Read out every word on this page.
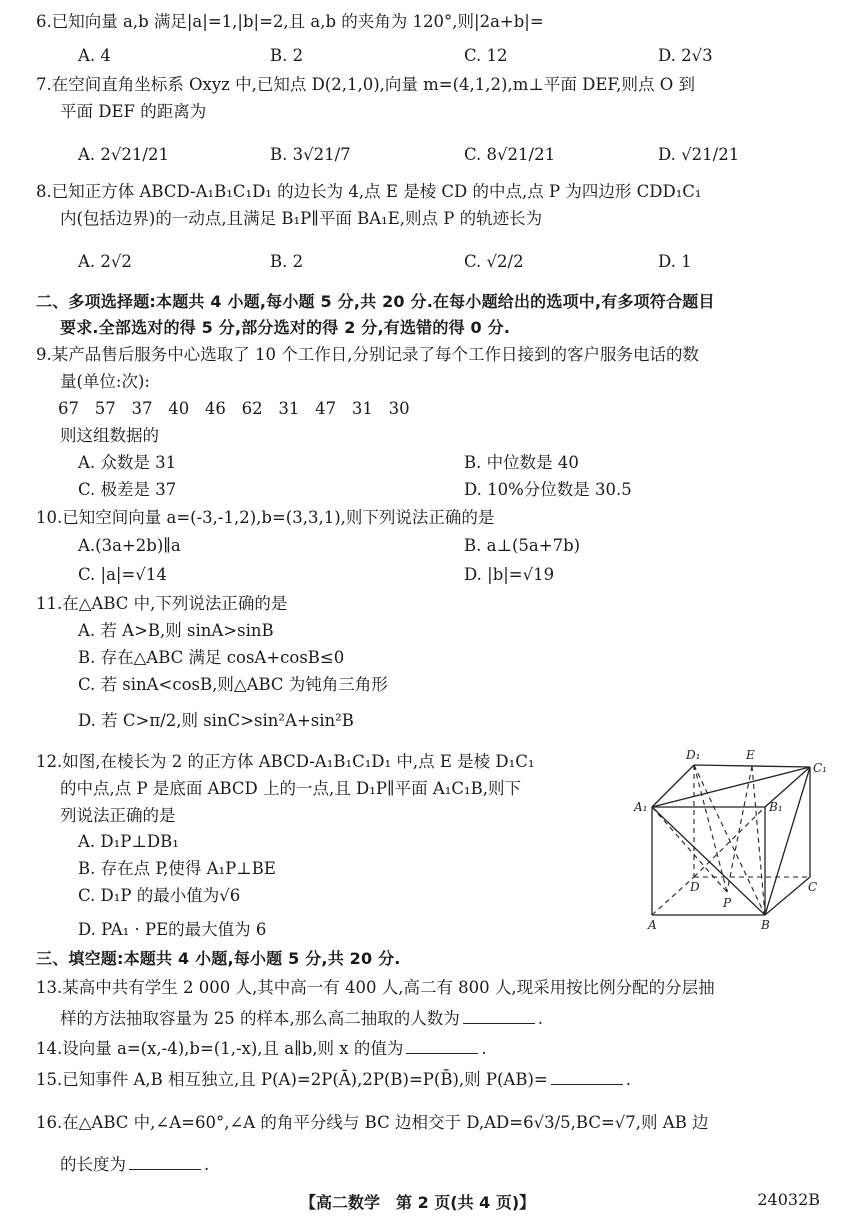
6.已知向量 a,b 满足|a|=1,|b|=2,且 a,b 的夹角为 120°,则|2a+b|=
A. 4	B. 2	C. 12	D. 2√3
7.在空间直角坐标系 Oxyz 中,已知点 D(2,1,0),向量 m=(4,1,2),m⊥平面 DEF,则点 O 到
平面 DEF 的距离为
A. 2√21/21	B. 3√21/7	C. 8√21/21	D. √21/21
8.已知正方体 ABCD-A₁B₁C₁D₁ 的边长为 4,点 E 是棱 CD 的中点,点 P 为四边形 CDD₁C₁
内(包括边界)的一动点,且满足 B₁P∥平面 BA₁E,则点 P 的轨迹长为
A. 2√2	B. 2	C. √2/2	D. 1
二、多项选择题:本题共 4 小题,每小题 5 分,共 20 分.在每小题给出的选项中,有多项符合题目
要求.全部选对的得 5 分,部分选对的得 2 分,有选错的得 0 分.
9.某产品售后服务中心选取了 10 个工作日,分别记录了每个工作日接到的客户服务电话的数
量(单位:次):
67   57   37   40   46   62   31   47   31   30
则这组数据的
A. 众数是 31	B. 中位数是 40
C. 极差是 37	D. 10%分位数是 30.5
10.已知空间向量 a=(-3,-1,2),b=(3,3,1),则下列说法正确的是
A.(3a+2b)∥a	B. a⊥(5a+7b)
C. |a|=√14	D. |b|=√19
11.在△ABC 中,下列说法正确的是
A. 若 A>B,则 sinA>sinB
B. 存在△ABC 满足 cosA+cosB≤0
C. 若 sinA<cosB,则△ABC 为钝角三角形
D. 若 C>π/2,则 sinC>sin²A+sin²B
12.如图,在棱长为 2 的正方体 ABCD-A₁B₁C₁D₁ 中,点 E 是棱 D₁C₁
的中点,点 P 是底面 ABCD 上的一点,且 D₁P∥平面 A₁C₁B,则下
列说法正确的是
A. D₁P⊥DB₁
B. 存在点 P,使得 A₁P⊥BE
C. D₁P 的最小值为√6
D. PA₁ · PE的最大值为 6
D₁	E
C₁
A₁	B₁
D	C
P
A	B
三、填空题:本题共 4 小题,每小题 5 分,共 20 分.
13.某高中共有学生 2 000 人,其中高一有 400 人,高二有 800 人,现采用按比例分配的分层抽
样的方法抽取容量为 25 的样本,那么高二抽取的人数为	.
14.设向量 a=(x,-4),b=(1,-x),且 a∥b,则 x 的值为	.
15.已知事件 A,B 相互独立,且 P(A)=2P(Ā),2P(B)=P(B̄),则 P(AB)=	.
16.在△ABC 中,∠A=60°,∠A 的角平分线与 BC 边相交于 D,AD=6√3/5,BC=√7,则 AB 边
的长度为	.
【高二数学　第 2 页(共 4 页)】	24032B
